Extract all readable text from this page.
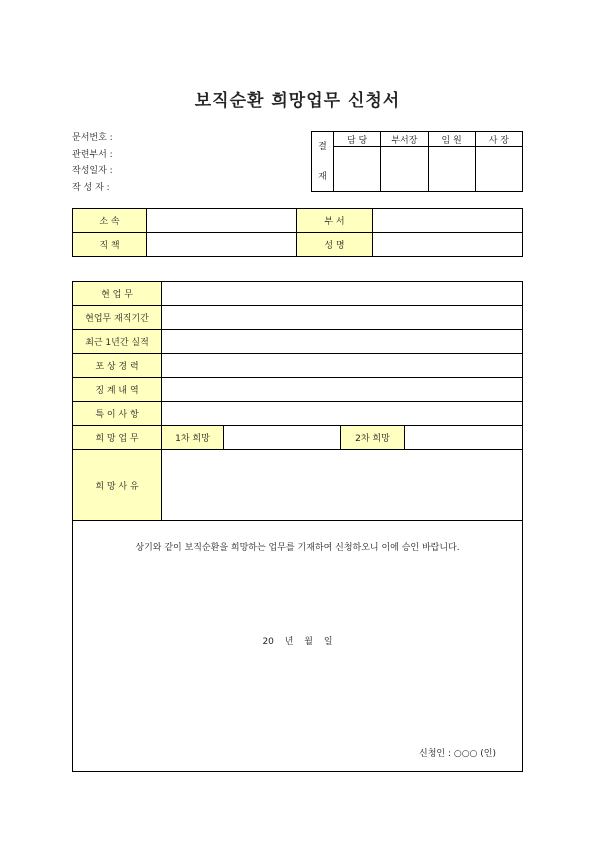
보직순환 희망업무 신청서
문서번호 :
관련부서 :
작성일자 :
작 성 자 :
결
재	담 당	부서장	임 원	사 장

소 속		부 서	
직 책		성 명	
현 업 무				
현업무 재직기간				
최근 1년간 실적				
포 상 경 력				
징 계 내 역				
특 이 사 항				
희 망 업 무	1차 희망		2차 희망	
희 망 사 유				

상기와 같이 보직순환을 희망하는 업무를 기재하여 신청하오니 이에 승인 바랍니다.
20 년 월 일
신청인 : ○○○ (인)				
